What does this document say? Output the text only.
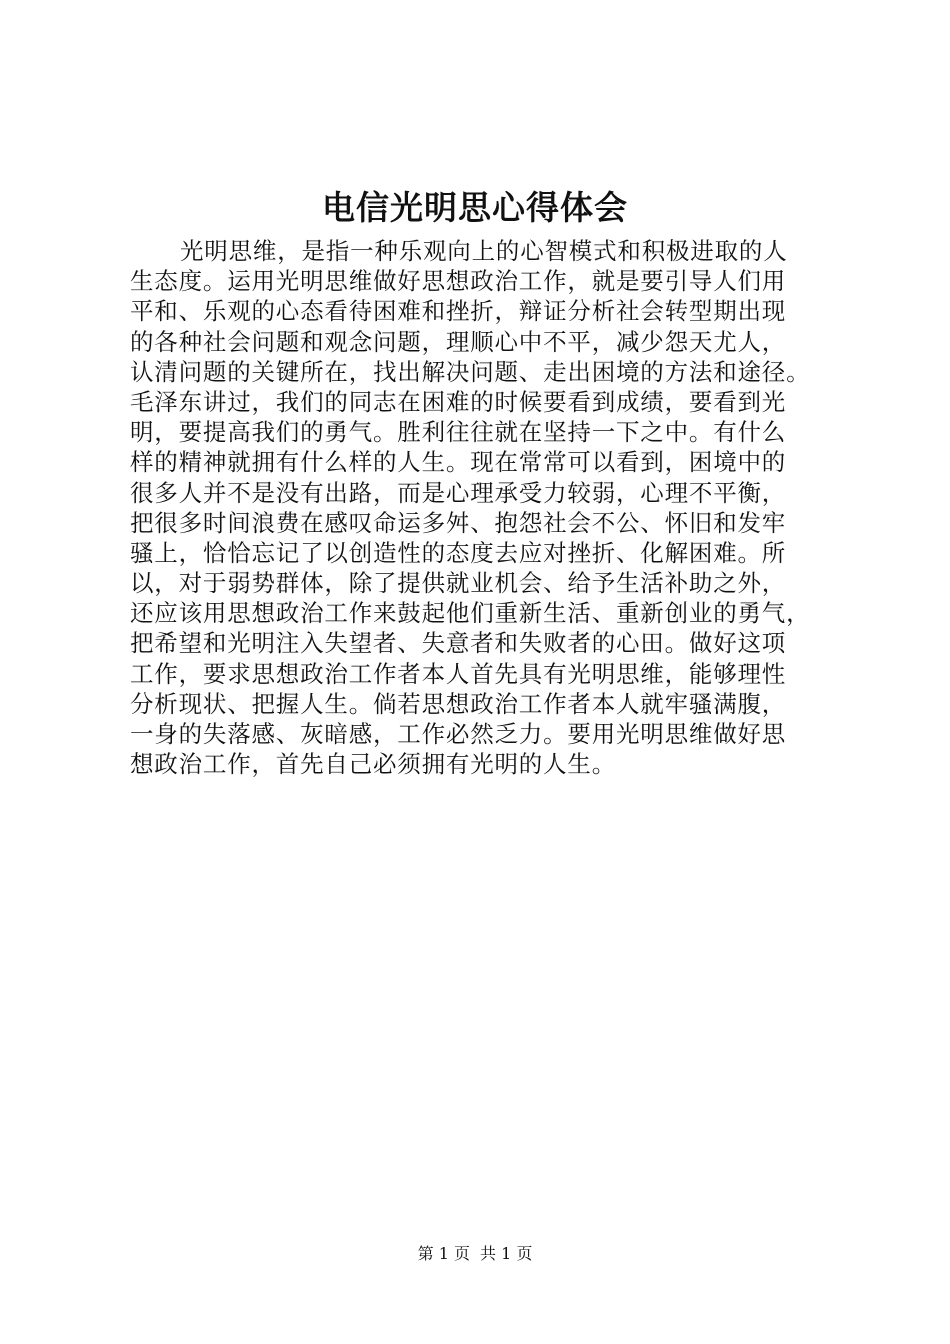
电信光明思心得体会
光明思维，是指一种乐观向上的心智模式和积极进取的人
生态度。运用光明思维做好思想政治工作，就是要引导人们用
平和、乐观的心态看待困难和挫折，辩证分析社会转型期出现
的各种社会问题和观念问题，理顺心中不平，减少怨天尤人，
认清问题的关键所在，找出解决问题、走出困境的方法和途径。
毛泽东讲过，我们的同志在困难的时候要看到成绩，要看到光
明，要提高我们的勇气。胜利往往就在坚持一下之中。有什么
样的精神就拥有什么样的人生。现在常常可以看到，困境中的
很多人并不是没有出路，而是心理承受力较弱，心理不平衡，
把很多时间浪费在感叹命运多舛、抱怨社会不公、怀旧和发牢
骚上，恰恰忘记了以创造性的态度去应对挫折、化解困难。所
以，对于弱势群体，除了提供就业机会、给予生活补助之外，
还应该用思想政治工作来鼓起他们重新生活、重新创业的勇气，
把希望和光明注入失望者、失意者和失败者的心田。做好这项
工作，要求思想政治工作者本人首先具有光明思维，能够理性
分析现状、把握人生。倘若思想政治工作者本人就牢骚满腹，
一身的失落感、灰暗感，工作必然乏力。要用光明思维做好思
想政治工作，首先自己必须拥有光明的人生。
第 1 页 共 1 页
